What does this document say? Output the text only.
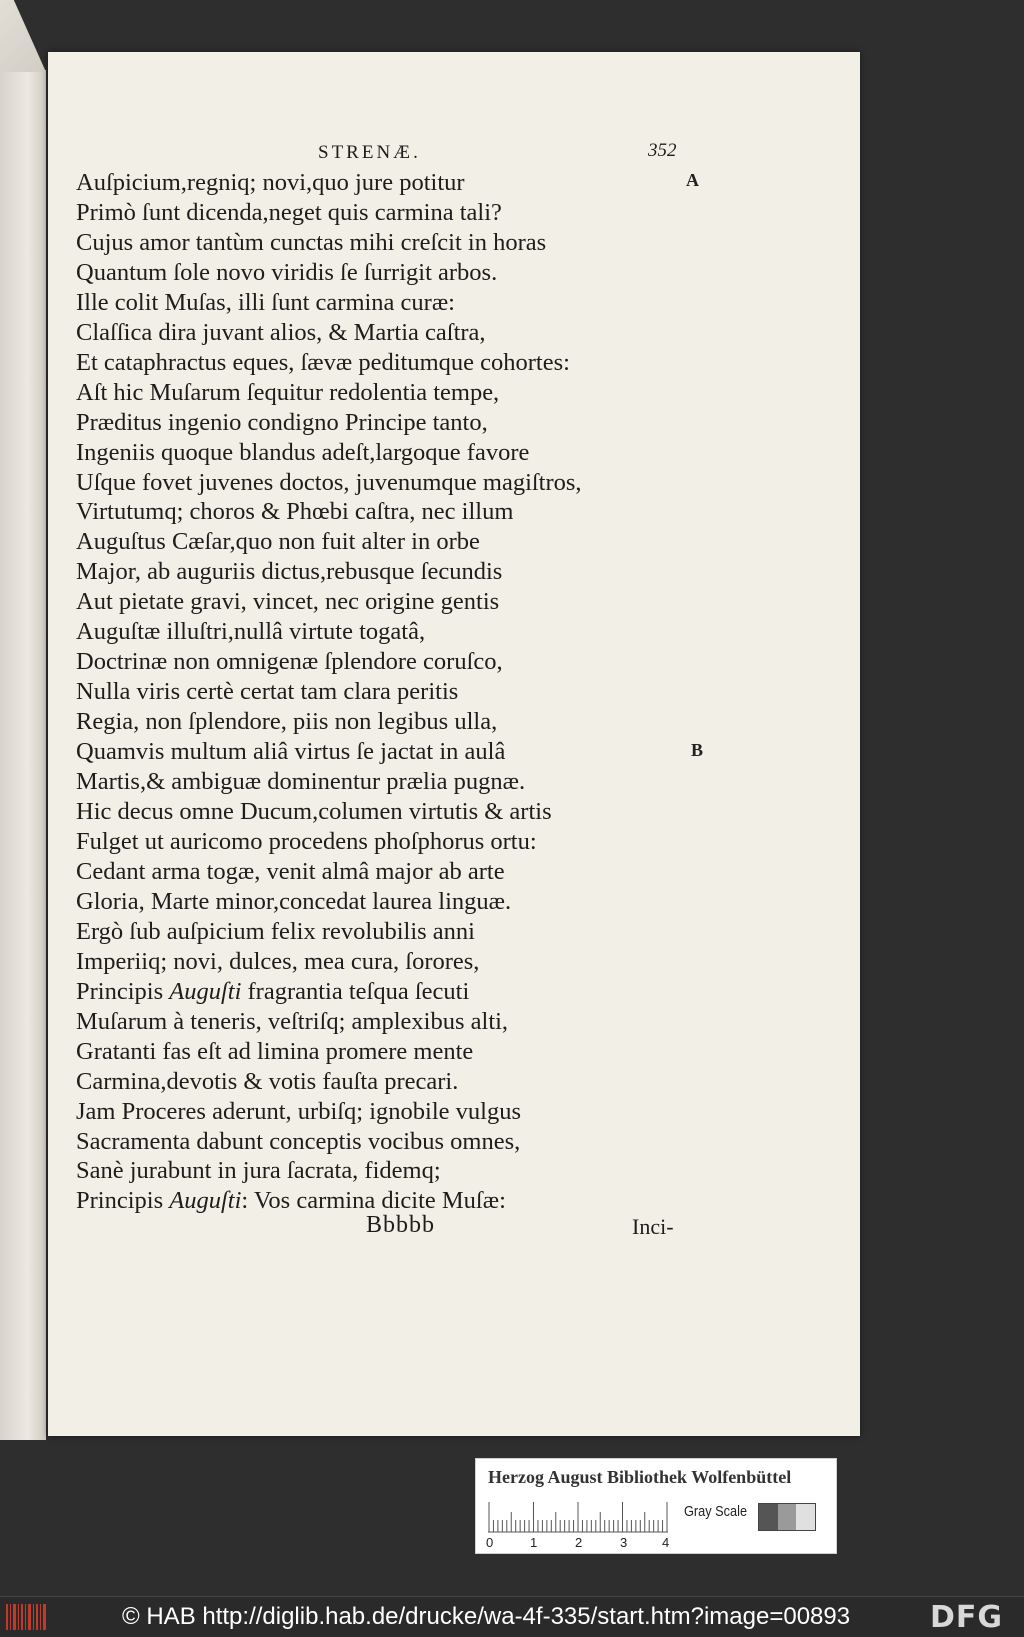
STRENÆ.	352
A
B
Auſpicium,regniq; novi,quo jure potitur
Primò ſunt dicenda,neget quis carmina tali?
Cujus amor tantùm cunctas mihi creſcit in horas
Quantum ſole novo viridis ſe ſurrigit arbos.
Ille colit Muſas, illi ſunt carmina curæ:
Claſſica dira juvant alios, & Martia caſtra,
Et cataphractus eques, ſævæ peditumque cohortes:
Aſt hic Muſarum ſequitur redolentia tempe,
Præditus ingenio condigno Principe tanto,
Ingeniis quoque blandus adeſt,largoque favore
Uſque fovet juvenes doctos, juvenumque magiſtros,
Virtutumq; choros & Phœbi caſtra, nec illum
Auguſtus Cæſar,quo non fuit alter in orbe
Major, ab auguriis dictus,rebusque ſecundis
Aut pietate gravi, vincet, nec origine gentis
Auguſtæ illuſtri,nullâ virtute togatâ,
Doctrinæ non omnigenæ ſplendore coruſco,
Nulla viris certè certat tam clara peritis
Regia, non ſplendore, piis non legibus ulla,
Quamvis multum aliâ virtus ſe jactat in aulâ
Martis,& ambiguæ dominentur prælia pugnæ.
Hic decus omne Ducum,columen virtutis & artis
Fulget ut auricomo procedens phoſphorus ortu:
Cedant arma togæ, venit almâ major ab arte
Gloria, Marte minor,concedat laurea linguæ.
Ergò ſub auſpicium felix revolubilis anni
Imperiiq; novi, dulces, mea cura, ſorores,
Principis Auguſti fragrantia teſqua ſecuti
Muſarum à teneris, veſtriſq; amplexibus alti,
Gratanti fas eſt ad limina promere mente
Carmina,devotis & votis fauſta precari.
Jam Proceres aderunt, urbiſq; ignobile vulgus
Sacramenta dabunt conceptis vocibus omnes,
Sanè jurabunt in jura ſacrata, fidemq;
Principis Auguſti: Vos carmina dicite Muſæ:
Bbbbb	Inci-
Herzog August Bibliothek Wolfenbüttel
0	1	2	3	4
Gray Scale
© HAB http://diglib.hab.de/drucke/wa-4f-335/start.htm?image=00893	DFG
